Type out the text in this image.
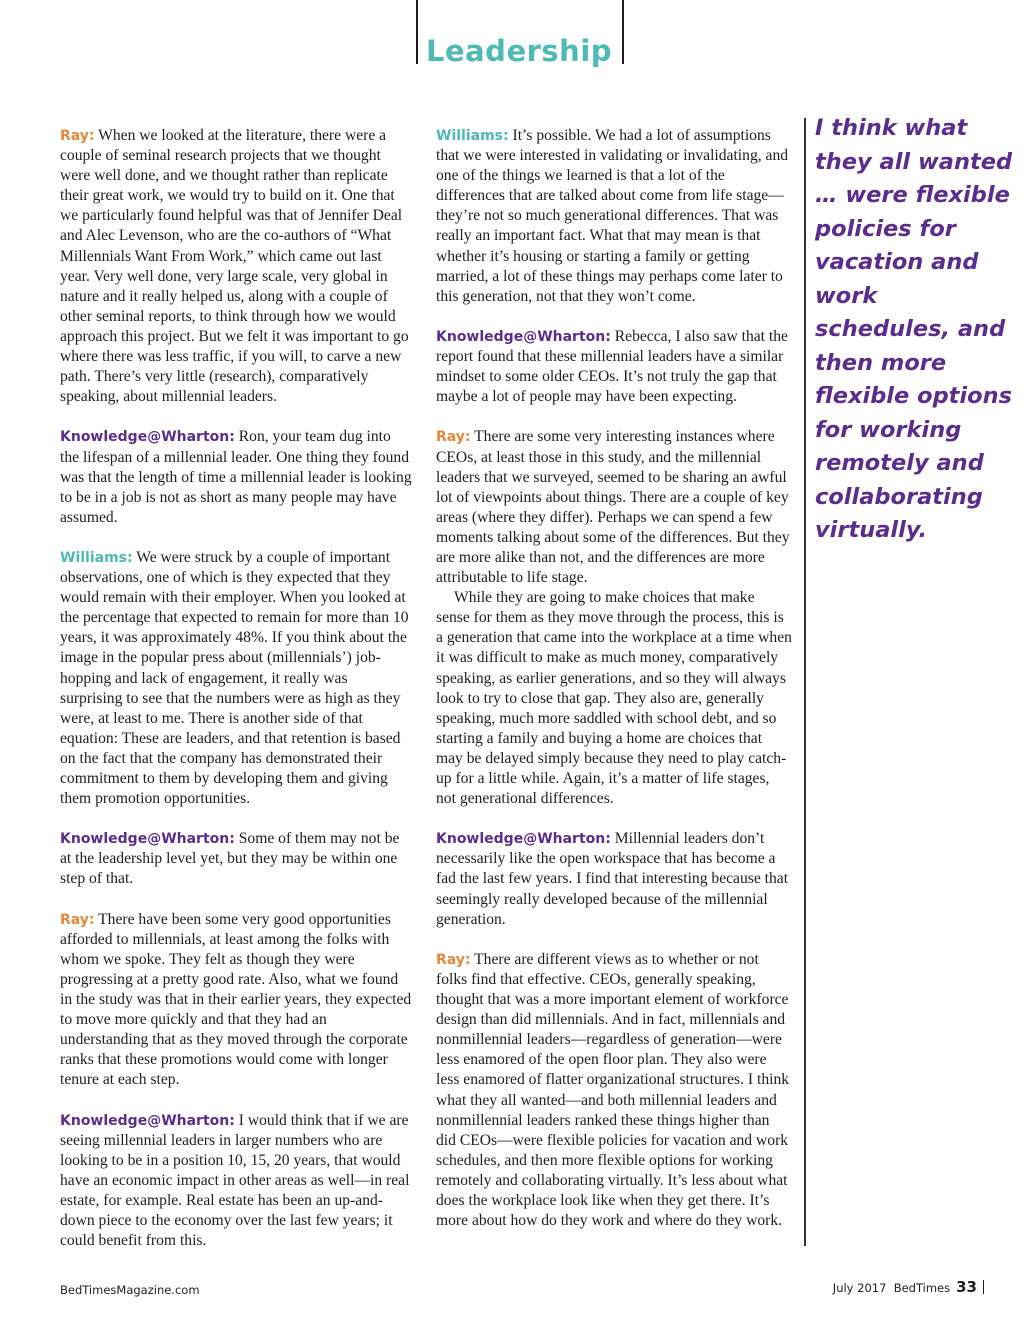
Leadership

Ray: When we looked at the literature, there were a couple of seminal research projects that we thought were well done, and we thought rather than replicate their great work, we would try to build on it. One that we particularly found helpful was that of Jennifer Deal and Alec Levenson, who are the co-authors of “What Millennials Want From Work,” which came out last year. Very well done, very large scale, very global in nature and it really helped us, along with a couple of other seminal reports, to think through how we would approach this project. But we felt it was important to go where there was less traffic, if you will, to carve a new path. There’s very little (research), comparatively speaking, about millennial leaders.

Knowledge@Wharton: Ron, your team dug into the lifespan of a millennial leader. One thing they found was that the length of time a millennial leader is looking to be in a job is not as short as many people may have assumed.

Williams: We were struck by a couple of important observations, one of which is they expected that they would remain with their employer. When you looked at the percentage that expected to remain for more than 10 years, it was approximately 48%. If you think about the image in the popular press about (millennials’) job-hopping and lack of engagement, it really was surprising to see that the numbers were as high as they were, at least to me. There is another side of that equation: These are leaders, and that retention is based on the fact that the company has demonstrated their commitment to them by developing them and giving them promotion opportunities.

Knowledge@Wharton: Some of them may not be at the leadership level yet, but they may be within one step of that.

Ray: There have been some very good opportunities afforded to millennials, at least among the folks with whom we spoke. They felt as though they were progressing at a pretty good rate. Also, what we found in the study was that in their earlier years, they expected to move more quickly and that they had an understanding that as they moved through the corporate ranks that these promotions would come with longer tenure at each step.

Knowledge@Wharton: I would think that if we are seeing millennial leaders in larger numbers who are looking to be in a position 10, 15, 20 years, that would have an economic impact in other areas as well—in real estate, for example. Real estate has been an up-and-down piece to the economy over the last few years; it could benefit from this.

Williams: It’s possible. We had a lot of assumptions that we were interested in validating or invalidating, and one of the things we learned is that a lot of the differences that are talked about come from life stage—they’re not so much generational differences. That was really an important fact. What that may mean is that whether it’s housing or starting a family or getting married, a lot of these things may perhaps come later to this generation, not that they won’t come.

Knowledge@Wharton: Rebecca, I also saw that the report found that these millennial leaders have a similar mindset to some older CEOs. It’s not truly the gap that maybe a lot of people may have been expecting.

Ray: There are some very interesting instances where CEOs, at least those in this study, and the millennial leaders that we surveyed, seemed to be sharing an awful lot of viewpoints about things. There are a couple of key areas (where they differ). Perhaps we can spend a few moments talking about some of the differences. But they are more alike than not, and the differences are more attributable to life stage.

While they are going to make choices that make sense for them as they move through the process, this is a generation that came into the workplace at a time when it was difficult to make as much money, comparatively speaking, as earlier generations, and so they will always look to try to close that gap. They also are, generally speaking, much more saddled with school debt, and so starting a family and buying a home are choices that may be delayed simply because they need to play catch-up for a little while. Again, it’s a matter of life stages, not generational differences.

Knowledge@Wharton: Millennial leaders don’t necessarily like the open workspace that has become a fad the last few years. I find that interesting because that seemingly really developed because of the millennial generation.

Ray: There are different views as to whether or not folks find that effective. CEOs, generally speaking, thought that was a more important element of workforce design than did millennials. And in fact, millennials and nonmillennial leaders—regardless of generation—were less enamored of the open floor plan. They also were less enamored of flatter organizational structures. I think what they all wanted—and both millennial leaders and nonmillennial leaders ranked these things higher than did CEOs—were flexible policies for vacation and work schedules, and then more flexible options for working remotely and collaborating virtually. It’s less about what does the workplace look like when they get there. It’s more about how do they work and where do they work.

I think what they all wanted … were flexible policies for vacation and work schedules, and then more flexible options for working remotely and collaborating virtually.
BedTimesMagazine.com	July 2017  BedTimes 33
